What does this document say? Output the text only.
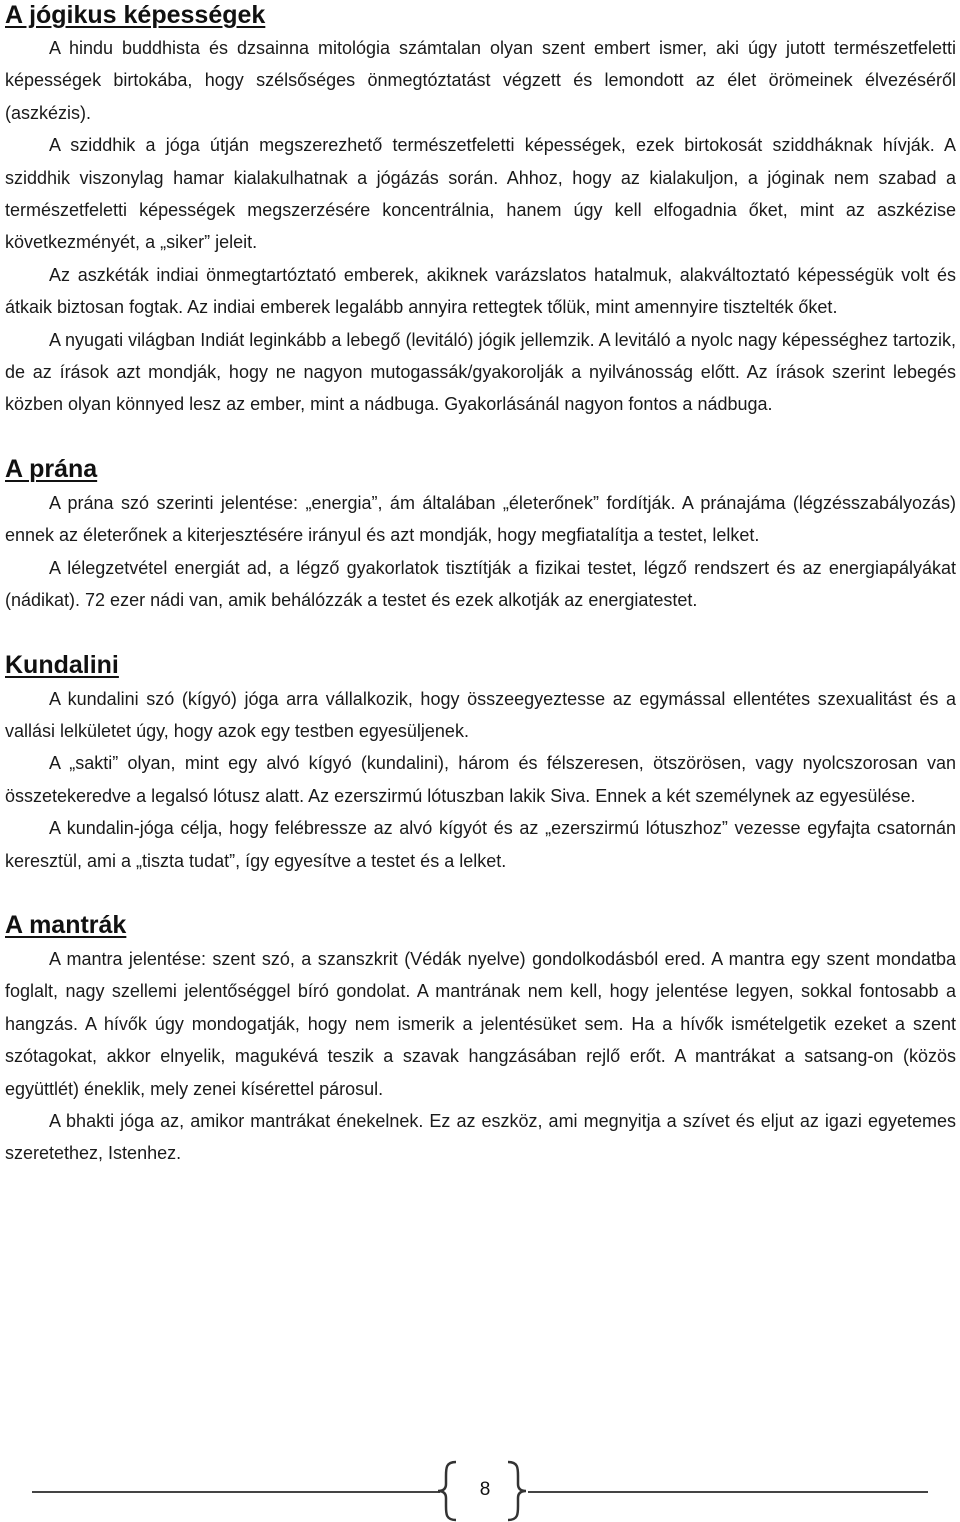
A jógikus képességek

A hindu buddhista és dzsainna mitológia számtalan olyan szent embert ismer, aki úgy jutott természetfeletti képességek birtokába, hogy szélsőséges önmegtóztatást végzett és lemondott az élet örömeinek élvezéséről (aszkézis).

A sziddhik a jóga útján megszerezhető természetfeletti képességek, ezek birtokosát sziddháknak hívják. A sziddhik viszonylag hamar kialakulhatnak a jógázás során. Ahhoz, hogy az kialakuljon, a jóginak nem szabad a természetfeletti képességek megszerzésére koncentrálnia, hanem úgy kell elfogadnia őket, mint az aszkézise következményét, a „siker” jeleit.

Az aszkéták indiai önmegtartóztató emberek, akiknek varázslatos hatalmuk, alakváltoztató képességük volt és átkaik biztosan fogtak. Az indiai emberek legalább annyira rettegtek tőlük, mint amennyire tisztelték őket.

A nyugati világban Indiát leginkább a lebegő (levitáló) jógik jellemzik. A levitáló a nyolc nagy képességhez tartozik, de az írások azt mondják, hogy ne nagyon mutogassák/gyakorolják a nyilvánosság előtt. Az írások szerint lebegés közben olyan könnyed lesz az ember, mint a nádbuga. Gyakorlásánál nagyon fontos a nádbuga.

A prána

A prána szó szerinti jelentése: „energia”, ám általában „életerőnek” fordítják. A pránajáma (légzésszabályozás) ennek az életerőnek a kiterjesztésére irányul és azt mondják, hogy megfiatalítja a testet, lelket.

A lélegzetvétel energiát ad, a légző gyakorlatok tisztítják a fizikai testet, légző rendszert és az energiapályákat (nádikat). 72 ezer nádi van, amik behálózzák a testet és ezek alkotják az energiatestet.

Kundalini

A kundalini szó (kígyó) jóga arra vállalkozik, hogy összeegyeztesse az egymással ellentétes szexualitást és a vallási lelkületet úgy, hogy azok egy testben egyesüljenek.

A „sakti” olyan, mint egy alvó kígyó (kundalini), három és félszeresen, ötszörösen, vagy nyolcszorosan van összetekeredve a legalsó lótusz alatt. Az ezerszirmú lótuszban lakik Siva. Ennek a két személynek az egyesülése.

A kundalin-jóga célja, hogy felébressze az alvó kígyót és az „ezerszirmú lótuszhoz” vezesse egyfajta csatornán keresztül, ami a „tiszta tudat”, így egyesítve a testet és a lelket.

A mantrák

A mantra jelentése: szent szó, a szanszkrit (Védák nyelve) gondolkodásból ered. A mantra egy szent mondatba foglalt, nagy szellemi jelentőséggel bíró gondolat. A mantrának nem kell, hogy jelentése legyen, sokkal fontosabb a hangzás. A hívők úgy mondogatják, hogy nem ismerik a jelentésüket sem. Ha a hívők ismételgetik ezeket a szent szótagokat, akkor elnyelik, magukévá teszik a szavak hangzásában rejlő erőt. A mantrákat a satsang-on (közös együttlét) éneklik, mely zenei kísérettel párosul.

A bhakti jóga az, amikor mantrákat énekelnek. Ez az eszköz, ami megnyitja a szívet és eljut az igazi egyetemes szeretethez, Istenhez.

8
